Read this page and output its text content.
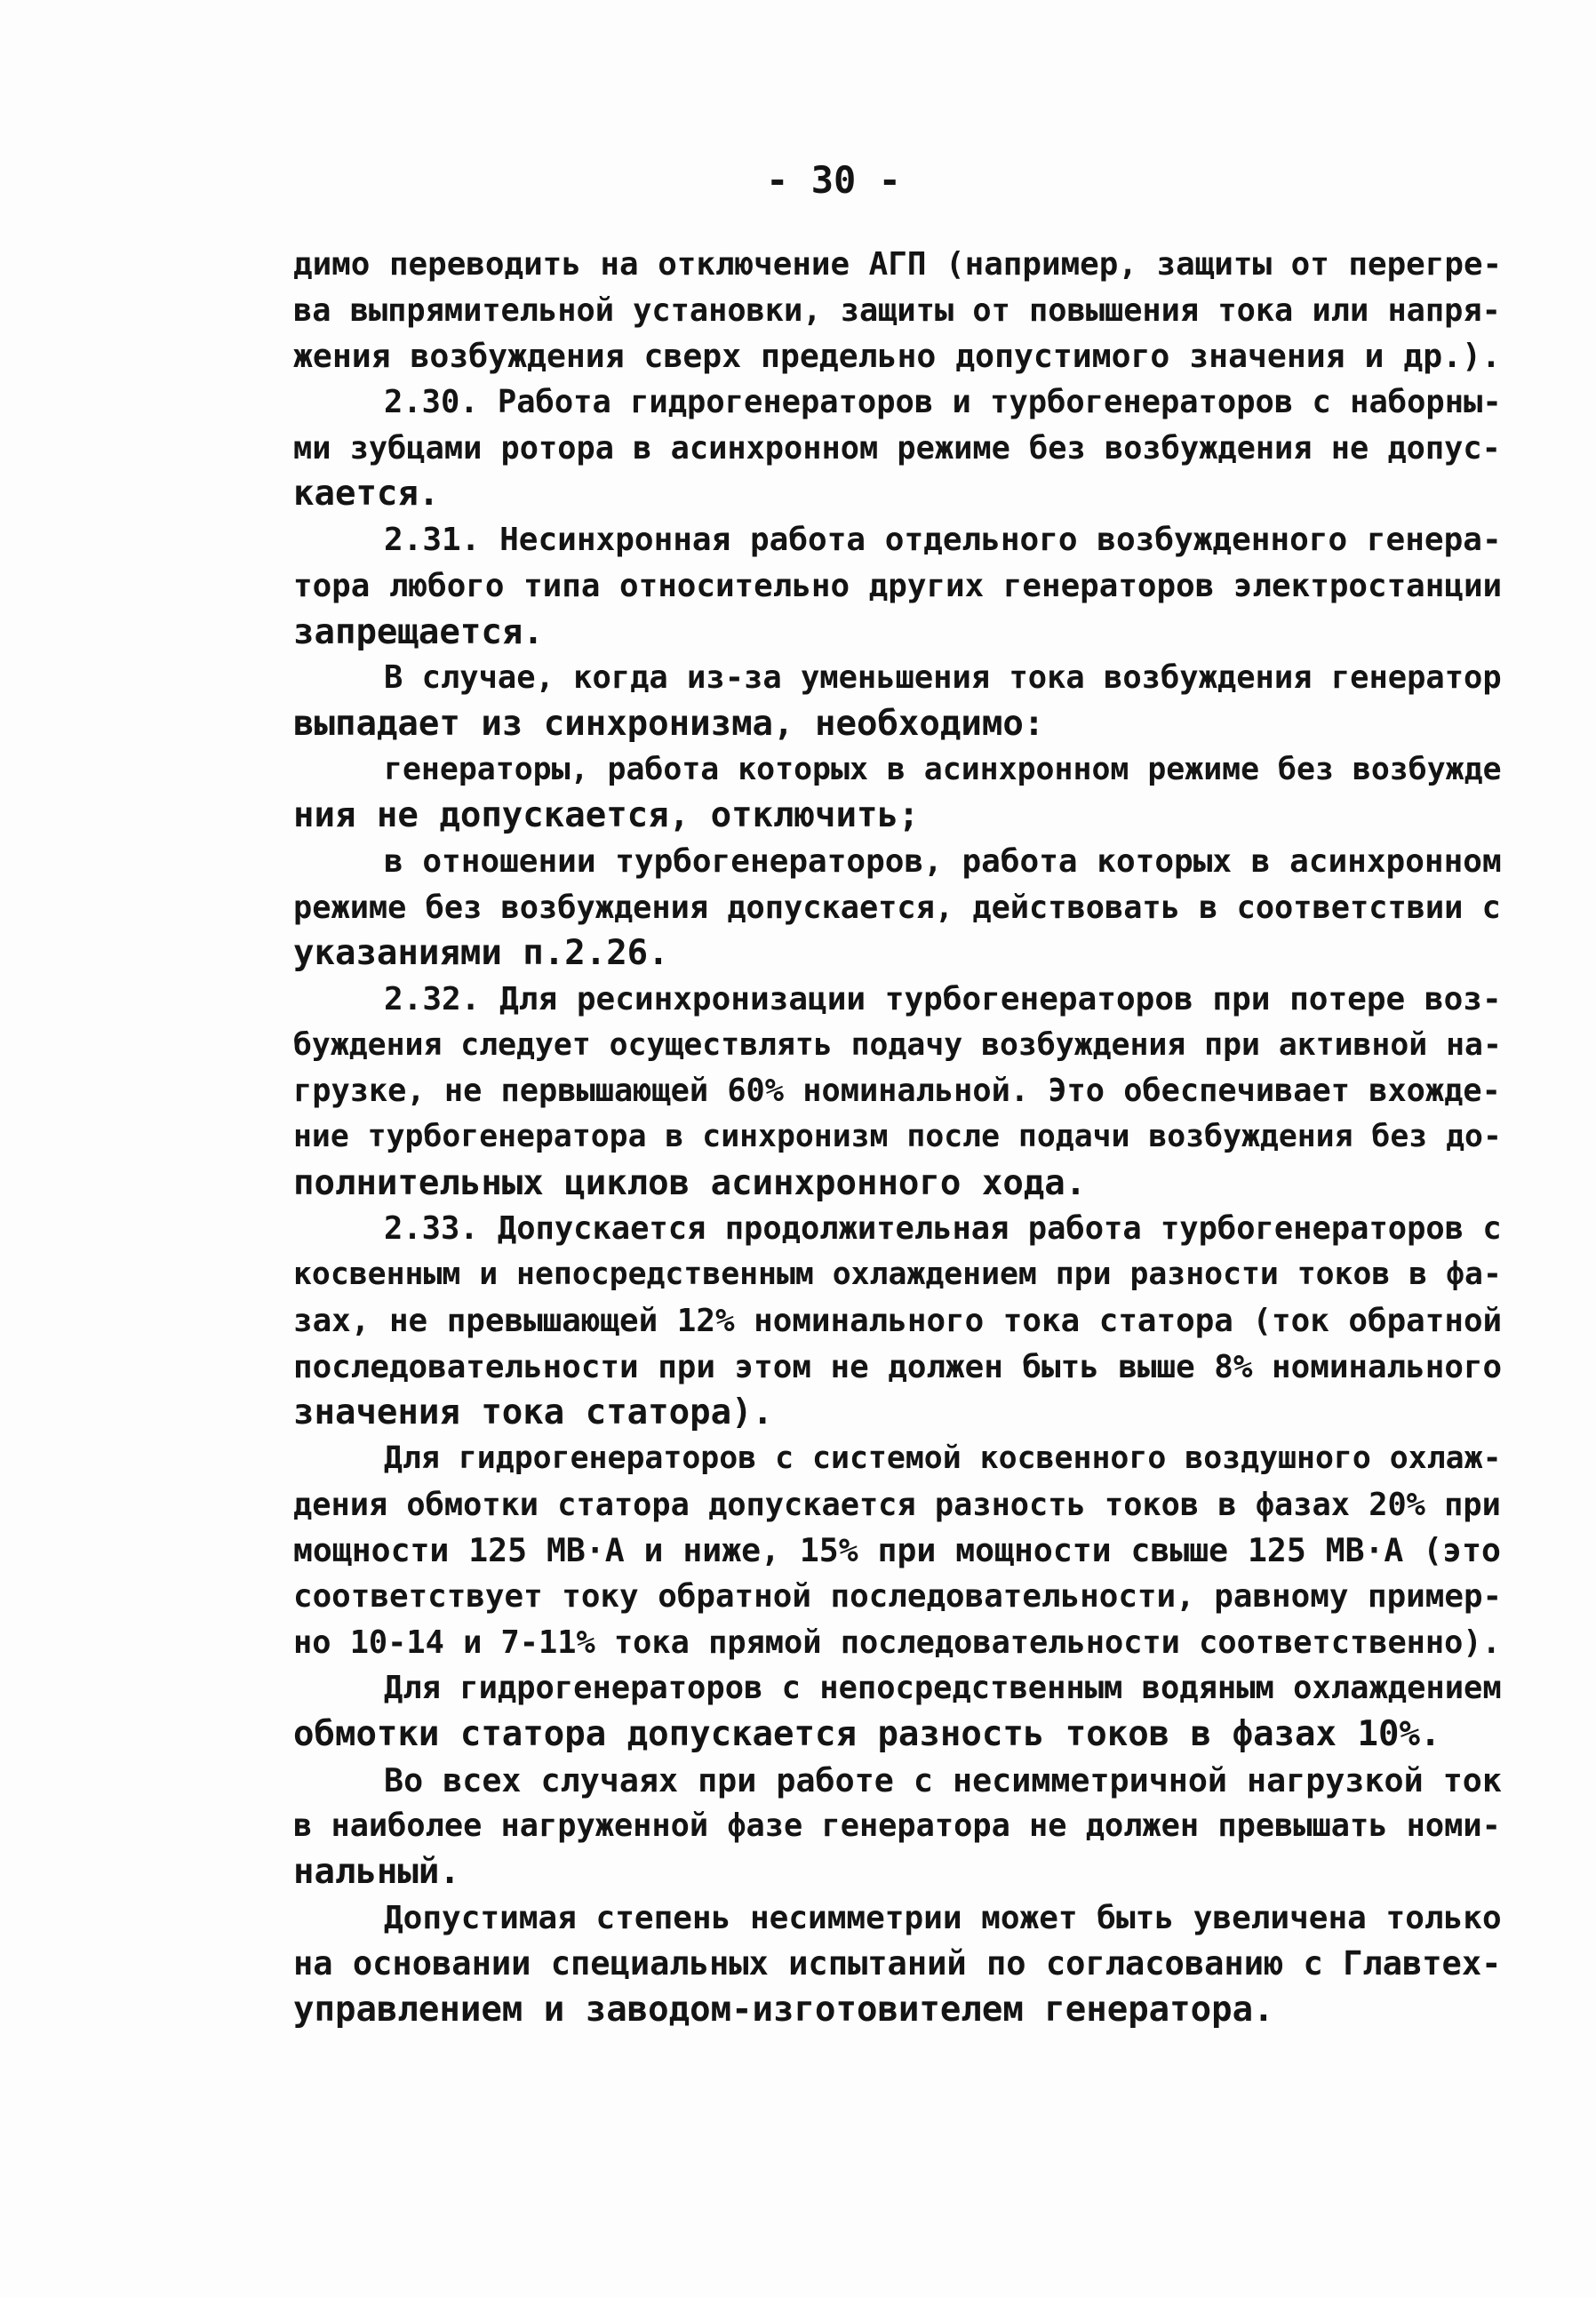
- 30 -
димо переводить на отключение АГП (например, защиты от перегре-
ва выпрямительной установки, защиты от повышения тока или напря-
жения возбуждения сверх предельно допустимого значения и др.).
2.30. Работа гидрогенераторов и турбогенераторов с наборны-
ми зубцами ротора в асинхронном режиме без возбуждения не допус-
кается.
2.31. Несинхронная работа отдельного возбужденного генера-
тора любого типа относительно других генераторов электростанции
запрещается.
В случае, когда из-за уменьшения тока возбуждения генератор
выпадает из синхронизма, необходимо:
генераторы, работа которых в асинхронном режиме без возбужде
ния не допускается, отключить;
в отношении турбогенераторов, работа которых в асинхронном
режиме без возбуждения допускается, действовать в соответствии с
указаниями п.2.26.
2.32. Для ресинхронизации турбогенераторов при потере воз-
буждения следует осуществлять подачу возбуждения при активной на-
грузке, не первышающей 60% номинальной. Это обеспечивает вхожде-
ние турбогенератора в синхронизм после подачи возбуждения без до-
полнительных циклов асинхронного хода.
2.33. Допускается продолжительная работа турбогенераторов с
косвенным и непосредственным охлаждением при разности токов в фа-
зах, не превышающей 12% номинального тока статора (ток обратной
последовательности при этом не должен быть выше 8% номинального
значения тока статора).
Для гидрогенераторов с системой косвенного воздушного охлаж-
дения обмотки статора допускается разность токов в фазах 20% при
мощности 125 МВ·А и ниже, 15% при мощности свыше 125 МВ·А (это
соответствует току обратной последовательности, равному пример-
но 10-14 и 7-11% тока прямой последовательности соответственно).
Для гидрогенераторов с непосредственным водяным охлаждением
обмотки статора допускается разность токов в фазах 10%.
Во всех случаях при работе с несимметричной нагрузкой ток
в наиболее нагруженной фазе генератора не должен превышать номи-
нальный.
Допустимая степень несимметрии может быть увеличена только
на основании специальных испытаний по согласованию с Главтех-
управлением и заводом-изготовителем генератора.
